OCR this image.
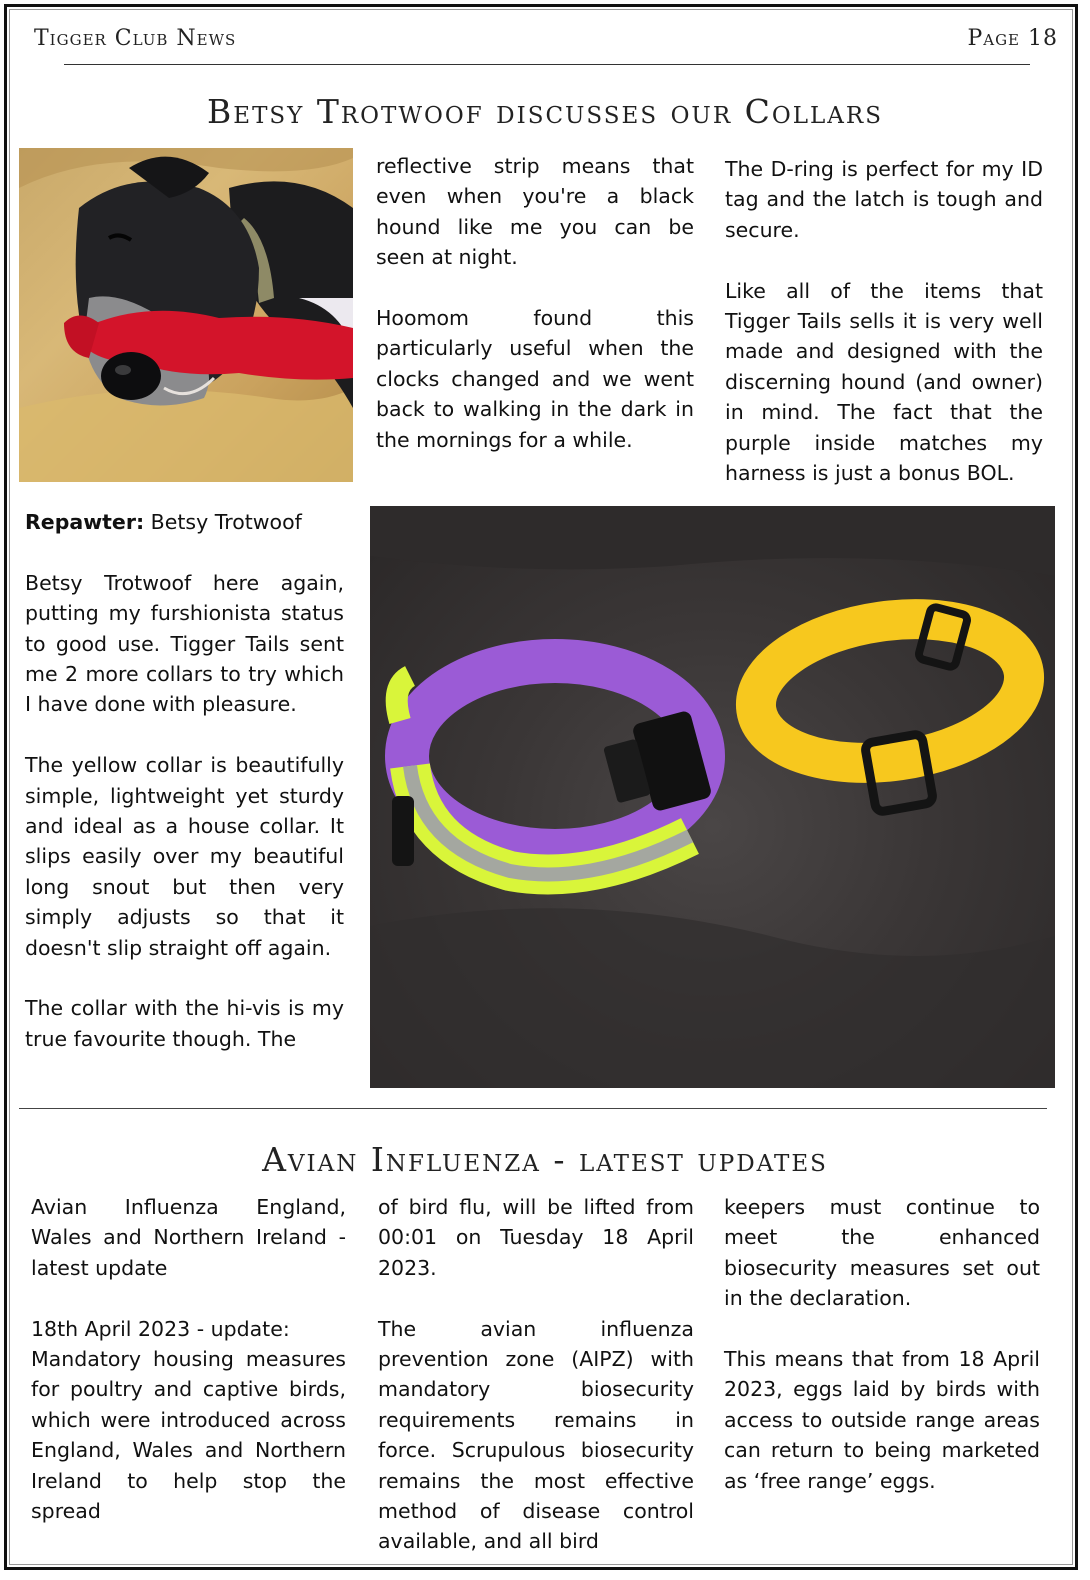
Tigger Club News	Page 18
Betsy Trotwoof discusses our Collars

reflective strip means that even when you're a black hound like me you can be seen at night.

Hoomom found this particularly useful when the clocks changed and we went back to walking in the dark in the mornings for a while.

The D-ring is perfect for my ID tag and the latch is tough and secure.

Like all of the items that Tigger Tails sells it is very well made and designed with the discerning hound (and owner) in mind. The fact that the purple inside matches my harness is just a bonus BOL.

Repawter: Betsy Trotwoof

Betsy Trotwoof here again, putting my furshionista status to good use. Tigger Tails sent me 2 more collars to try which I have done with pleasure.

The yellow collar is beautifully simple, lightweight yet sturdy and ideal as a house collar. It slips easily over my beautiful long snout but then very simply adjusts so that it doesn't slip straight off again.

The collar with the hi-vis is my true favourite though. The

Avian Influenza - latest updates

Avian Influenza England, Wales and Northern Ireland - latest update

18th April 2023 - update:

Mandatory housing measures for poultry and captive birds, which were introduced across England, Wales and Northern Ireland to help stop the spread

of bird flu, will be lifted from 00:01 on Tuesday 18 April 2023.

The avian influenza prevention zone (AIPZ) with mandatory biosecurity requirements remains in force. Scrupulous biosecurity remains the most effective method of disease control available, and all bird

keepers must continue to meet the enhanced biosecurity measures set out in the declaration.

This means that from 18 April 2023, eggs laid by birds with access to outside range areas can return to being marketed as ‘free range’ eggs.
